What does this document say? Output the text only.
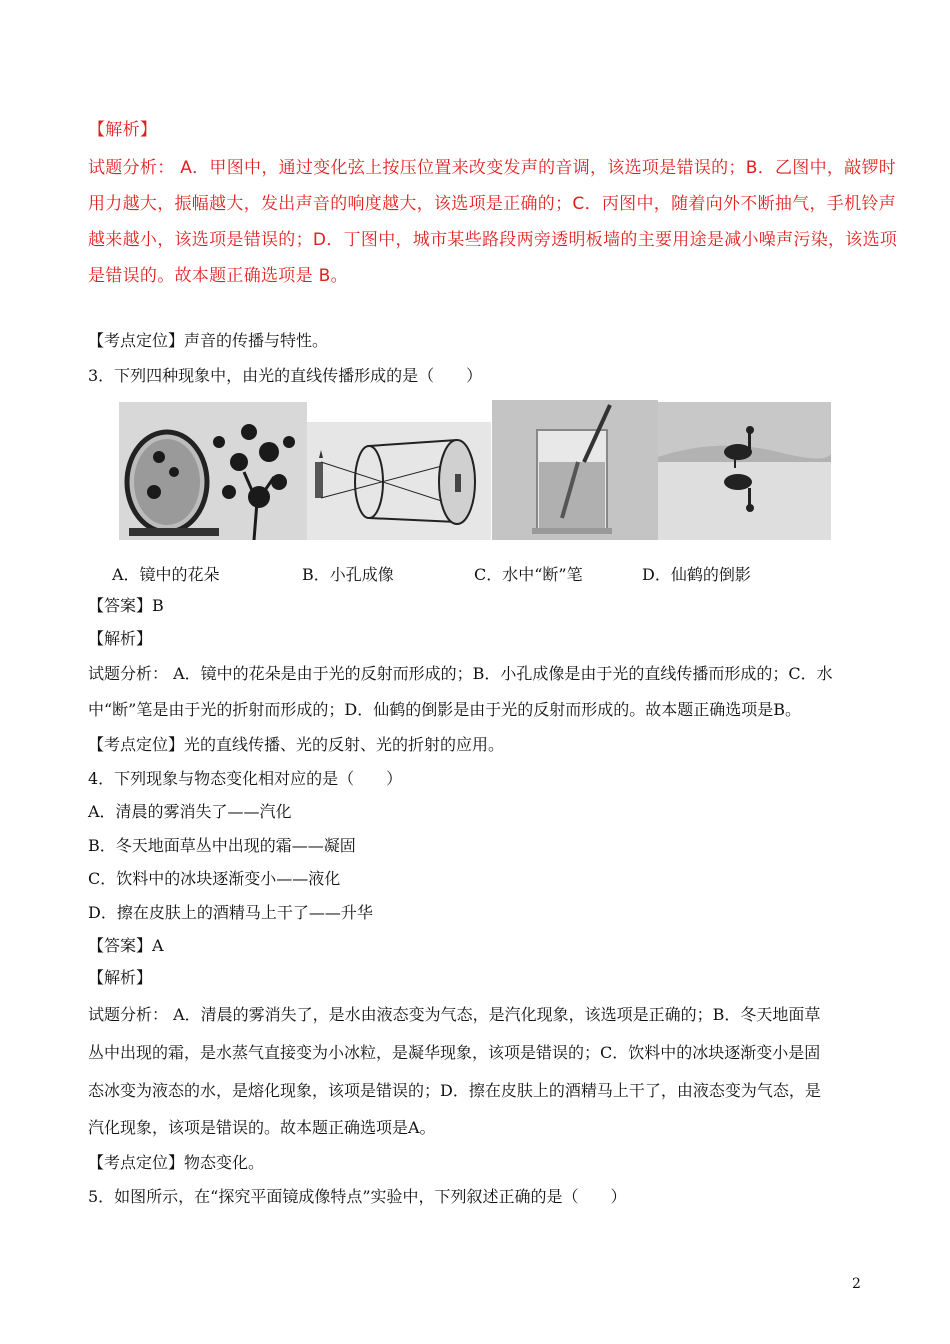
【解析】
试题分析： A．甲图中，通过变化弦上按压位置来改变发声的音调，该选项是错误的；B．乙图中，敲锣时
用力越大，振幅越大，发出声音的响度越大，该选项是正确的；C．丙图中，随着向外不断抽气，手机铃声
越来越小，该选项是错误的；D．丁图中，城市某些路段两旁透明板墙的主要用途是减小噪声污染，该选项
是错误的。故本题正确选项是 B。
【考点定位】声音的传播与特性。
3．下列四种现象中，由光的直线传播形成的是（　　）
A．镜中的花朵	B．小孔成像	C．水中“断”笔	D．仙鹤的倒影
【答案】B
【解析】
试题分析： A．镜中的花朵是由于光的反射而形成的；B．小孔成像是由于光的直线传播而形成的；C．水
中“断”笔是由于光的折射而形成的；D．仙鹤的倒影是由于光的反射而形成的。故本题正确选项是B。
【考点定位】光的直线传播、光的反射、光的折射的应用。
4．下列现象与物态变化相对应的是（　　）
A．清晨的雾消失了——汽化
B．冬天地面草丛中出现的霜——凝固
C．饮料中的冰块逐渐变小——液化
D．擦在皮肤上的酒精马上干了——升华
【答案】A
【解析】
试题分析： A．清晨的雾消失了，是水由液态变为气态，是汽化现象，该选项是正确的；B．冬天地面草
丛中出现的霜，是水蒸气直接变为小冰粒，是凝华现象，该项是错误的；C．饮料中的冰块逐渐变小是固
态冰变为液态的水，是熔化现象，该项是错误的；D．擦在皮肤上的酒精马上干了，由液态变为气态，是
汽化现象，该项是错误的。故本题正确选项是A。
【考点定位】物态变化。
5．如图所示，在“探究平面镜成像特点”实验中，下列叙述正确的是（　　）
2
